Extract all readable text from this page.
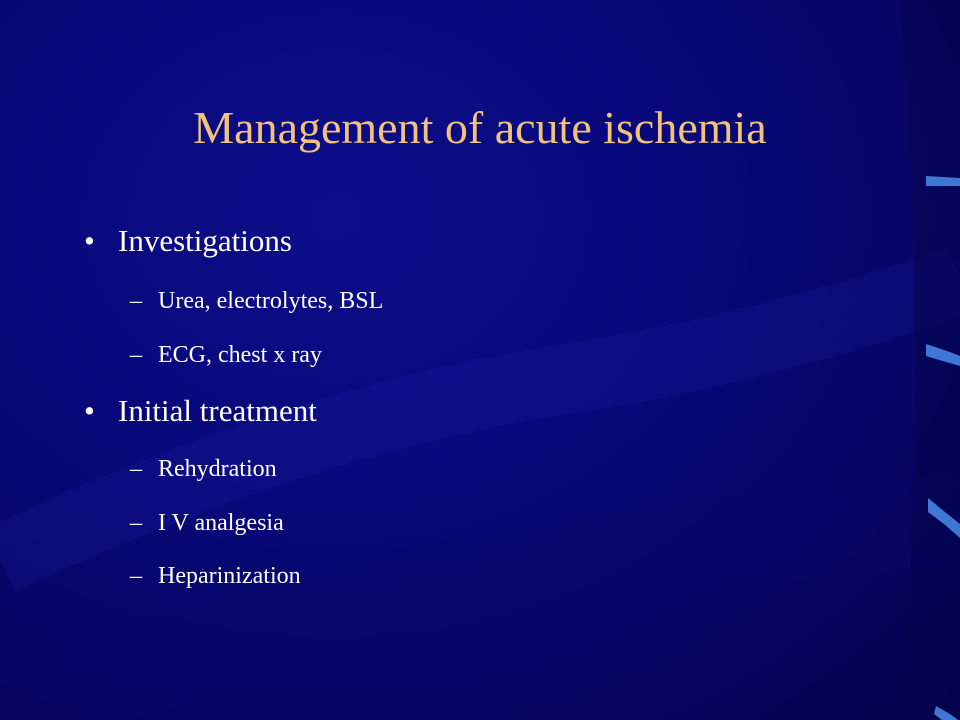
Management of acute ischemia
• Investigations
– Urea, electrolytes, BSL
– ECG, chest x ray
• Initial treatment
– Rehydration
– I V analgesia
– Heparinization
